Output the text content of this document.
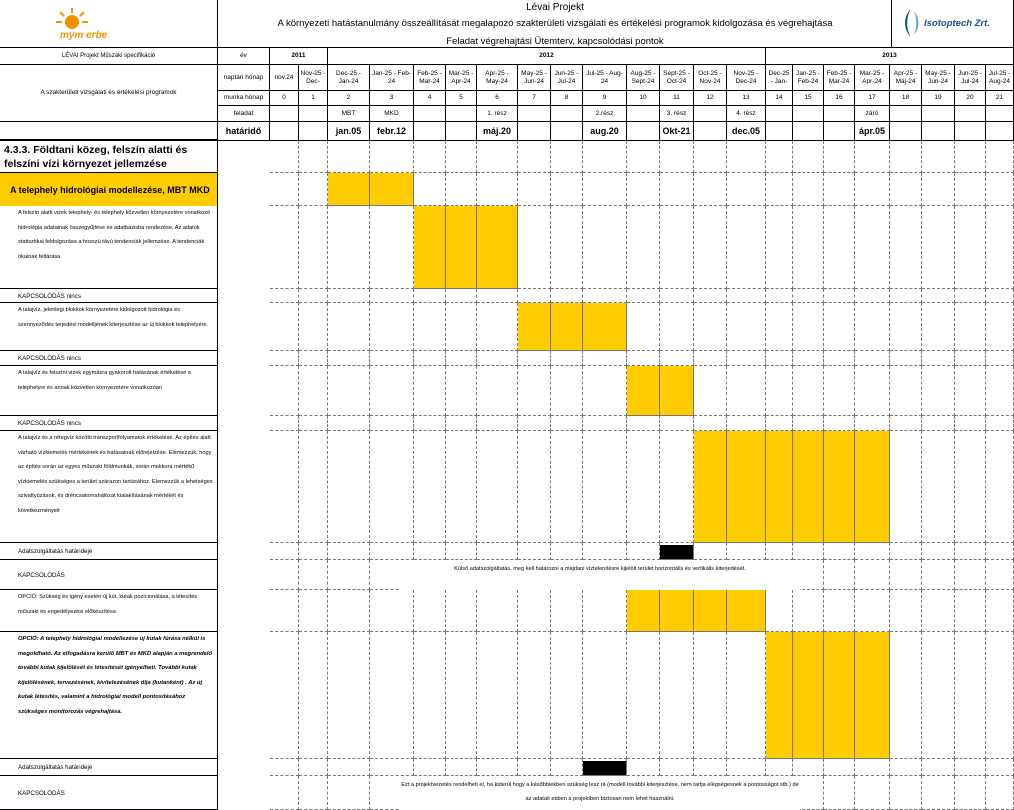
mym erbe
Lévai Projekt
A környezeti hatástanulmány összeállítását megalapozó szakterületi vizsgálati és értékelési programok kidolgozása és végrehajtása
Feladat végrehajtási Ütemterv, kapcsolódási pontok
Isotoptech Zrt.
LÉVAI Projekt Műszaki specifikáció
A szakterületi vizsgálati és értékelési programok
év
naptári hónap
munka hónap
feladat
határidő
2011	2012	2013
nov.24
0
Nov-25 - Dec-
1
Dec-25 - Jan-24
2
MBT
jan.05
Jan-25 - Feb-24
3
MKD
febr.12
Feb-25 - Mar-24
4
Mar-25 - Apr-24
5
Apr-25 - May-24
6
1. rész
máj.20
May-25 - Jun-24
7
Jun-25 - Jul-24
8
Jul-25 - Aug-24
9
2.rész
aug.20
Aug-25 - Sept-24
10
Sept-25 - Oct-24
11
3. rész
Okt-21
Oct-25 - Nov-24
12
Nov-25 - Dec-24
13
4. rész
dec.05
Dec-25 - Jan-
14
Jan-25 - Feb-24
15
Feb-25 - Mar-24
16
Mar-25 - Apr-24
17
záró
ápr.05
Apr-25 - Máj-24
18
May-25 - Jun-24
19
Jun-25 - Jul-24
20
Jul-25 - Aug-24
21
4.3.3. Földtani közeg, felszín alatti és felszíni vízi környezet jellemzése
A telephely hidrológiai modellezése, MBT MKD
A felszín alatti vizek telephely- és telephely közvetlen környezetére vonatkozó hidrológia adatainak összegyűjtése és adatbázisba rendezése. Az adatok statisztikai feldolgozása a hosszú távú tendenciák jellemzése. A tendenciák okainak feltárása
KAPCSOLÓDÁS nincs
A talajvíz, jelenlegi blokkok környezetére kidolgozott hidrológia és szennyeződés terjedési modelljének kiterjesztése az új blokkok telephelyére.
KAPCSOLÓDÁS nincs
A talajvíz és felszíni vizek egymásra gyakorolt hatásának értékelése a telephelyre és annak közvetlen környezetére vonatkozóan
KAPCSOLÓDÁS nincs
A talajvíz és a rétegvíz közötti transzportfolyamatok értékelése. Az építés alatt várható vízkiemelés mértékének és hatásainak előrejelzése. Elemezzük, hogy az építés során az egyes műszaki földmunkák, során mekkora mértékű vízkiemelés szükséges a terület szárazon tartásához. Elemezzük a lehetséges szivattyúzások, és dréncsatornahálózat kialakításának mértékét és következményeit
Adatszolgáltatás határideje
KAPCSOLÓDÁS
OPCIÓ: Szükség és igény esetén új kút, kutak pozícionálása, a létesítés műszaki és engedélyezési előkészítése.
OPCIÓ: A telephely hidrológiai modellezése új kutak fúrása nélkül is megoldható. Az elfogadásra kerülő MBT és MKD alapján a megrendelő további kutak kijelölését és létesítését igényelheti. További kutak kijelölésének, tervezésének, kivitelezésének díja (kutanként) , Az új kutak létesítés, valamint a hidrológiai modell pontosításához szükséges monitorozás végrehajtása.
Adatszolgáltatás határideje
KAPCSOLÓDÁS
Külső adatszolgáltatás, meg kell határozni a majdani víztelenítésre kijelölt terület horizontális és vertikális kiterjedését.
Ezt a projektvezetés rendelheti el, ha kiderül hogy a későbbiekben szükség lesz rá (modell további kiterjesztése, nem tartja elégségesnek a pontosságot stb.) de az adatait ebben a projektben biztosan nem lehet használni.
